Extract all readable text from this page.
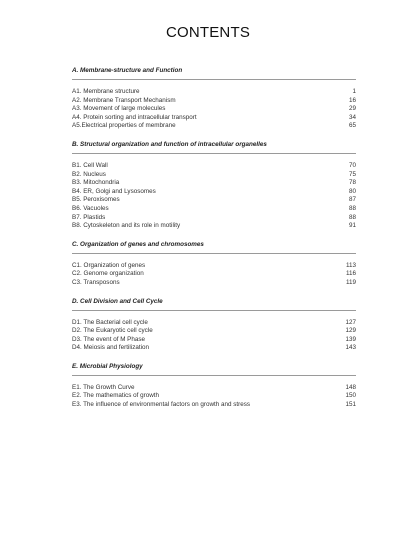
CONTENTS
A. Membrane-structure and Function
A1. Membrane structure	1
A2. Membrane Transport Mechanism	16
A3. Movement of large molecules	29
A4. Protein sorting and intracellular transport	34
A5.Electrical properties of membrane	65
B. Structural organization and function of intracellular organelles
B1. Cell Wall	70
B2. Nucleus	75
B3. Mitochondria	78
B4. ER, Golgi and Lysosomes	80
B5. Peroxisomes	87
B6. Vacuoles	88
B7. Plastids	88
B8. Cytoskeleton and its role in motility	91
C. Organization of genes and chromosomes
C1. Organization of genes	113
C2. Genome organization	116
C3. Transposons	119
D. Cell Division and Cell Cycle
D1. The Bacterial cell cycle	127
D2. The Eukaryotic cell cycle	129
D3. The event of M Phase	139
D4. Meiosis and fertilization	143
E. Microbial Physiology
E1. The Growth Curve	148
E2. The mathematics of growth	150
E3. The influence of environmental factors on growth and stress	151
